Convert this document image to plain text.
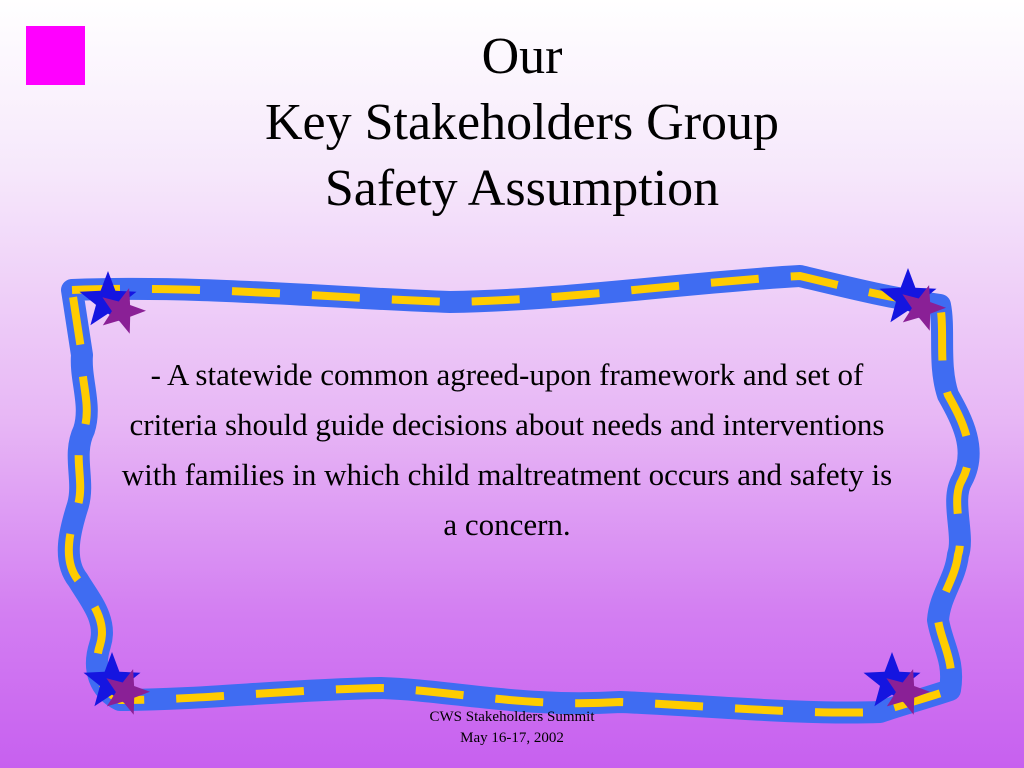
Our
Key Stakeholders Group
Safety Assumption
- A statewide common agreed-upon framework and set of criteria should guide decisions about needs and interventions with families in which child maltreatment occurs and safety is a concern.
CWS Stakeholders Summit
May 16-17, 2002
